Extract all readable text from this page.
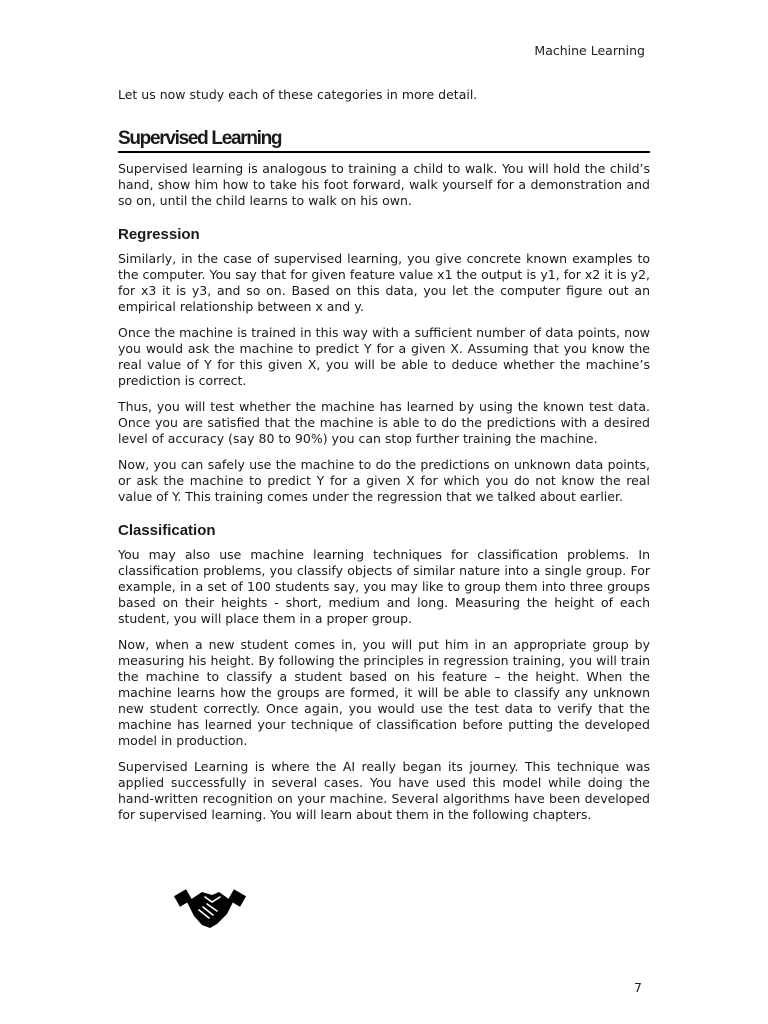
Machine Learning

Let us now study each of these categories in more detail.

Supervised Learning

Supervised learning is analogous to training a child to walk. You will hold the child’s hand, show him how to take his foot forward, walk yourself for a demonstration and so on, until the child learns to walk on his own.

Regression

Similarly, in the case of supervised learning, you give concrete known examples to the computer. You say that for given feature value x1 the output is y1, for x2 it is y2, for x3 it is y3, and so on. Based on this data, you let the computer figure out an empirical relationship between x and y.

Once the machine is trained in this way with a sufficient number of data points, now you would ask the machine to predict Y for a given X. Assuming that you know the real value of Y for this given X, you will be able to deduce whether the machine’s prediction is correct.

Thus, you will test whether the machine has learned by using the known test data. Once you are satisfied that the machine is able to do the predictions with a desired level of accuracy (say 80 to 90%) you can stop further training the machine.

Now, you can safely use the machine to do the predictions on unknown data points, or ask the machine to predict Y for a given X for which you do not know the real value of Y. This training comes under the regression that we talked about earlier.

Classification

You may also use machine learning techniques for classification problems. In classification problems, you classify objects of similar nature into a single group. For example, in a set of 100 students say, you may like to group them into three groups based on their heights - short, medium and long. Measuring the height of each student, you will place them in a proper group.

Now, when a new student comes in, you will put him in an appropriate group by measuring his height. By following the principles in regression training, you will train the machine to classify a student based on his feature – the height. When the machine learns how the groups are formed, it will be able to classify any unknown new student correctly. Once again, you would use the test data to verify that the machine has learned your technique of classification before putting the developed model in production.

Supervised Learning is where the AI really began its journey. This technique was applied successfully in several cases. You have used this model while doing the hand-written recognition on your machine. Several algorithms have been developed for supervised learning. You will learn about them in the following chapters.

7
